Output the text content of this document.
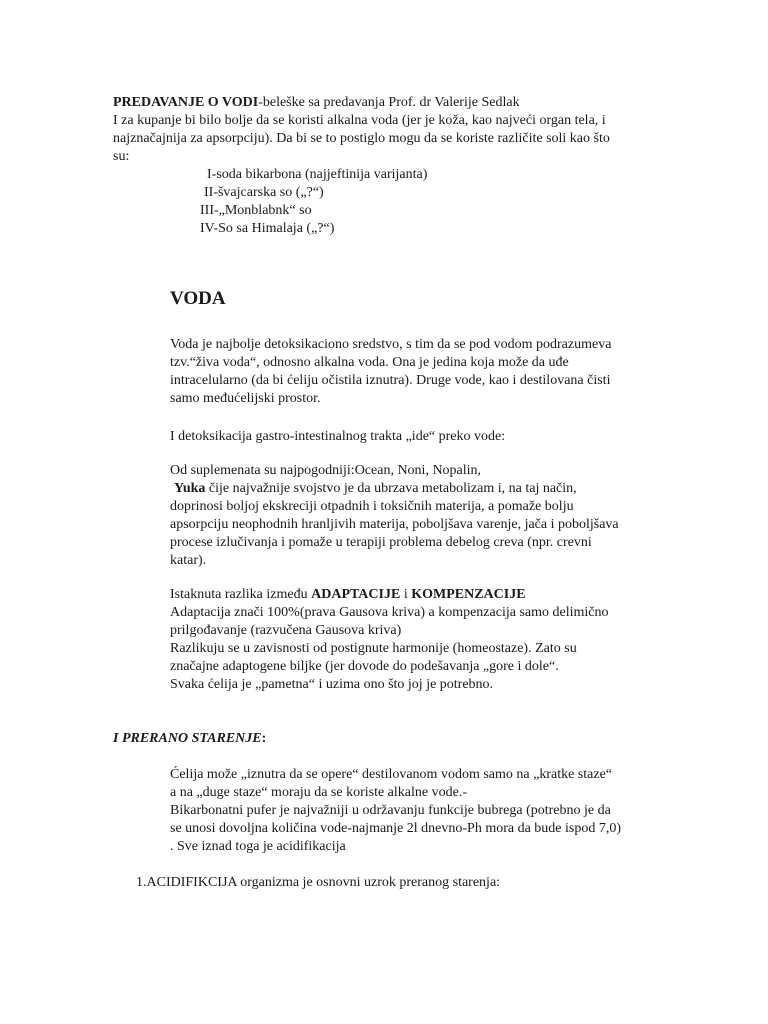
PREDAVANJE O VODI-beleške sa predavanja Prof. dr Valerije Sedlak

I za kupanje bi bilo bolje da se koristi alkalna voda (jer je koža, kao najveći organ tela, i

najznačajnija za apsorpciju). Da bi se to postiglo mogu da se koriste različite soli kao što

su:

I-soda bikarbona (najjeftinija varijanta)

II-švajcarska so („?“)

III-„Monblabnk“ so

IV-So sa Himalaja („?“)

VODA

Voda je najbolje detoksikaciono sredstvo, s tim da se pod vodom podrazumeva

tzv.“živa voda“, odnosno alkalna voda. Ona je jedina koja može da uđe

intracelularno (da bi ćeliju očistila iznutra). Druge vode, kao i destilovana čisti

samo međućelijski prostor.

I detoksikacija gastro-intestinalnog trakta „ide“ preko vode:

Od suplemenata su najpogodniji:Ocean, Noni, Nopalin,

Yuka čije najvažnije svojstvo je da ubrzava metabolizam i, na taj način,

doprinosi boljoj ekskreciji otpadnih i toksičnih materija, a pomaže bolju

apsorpciju neophodnih hranljivih materija, poboljšava varenje, jača i poboljšava

procese izlučivanja i pomaže u terapiji problema debelog creva (npr. crevni

katar).

Istaknuta razlika između ADAPTACIJE i KOMPENZACIJE

Adaptacija znači 100%(prava Gausova kriva) a kompenzacija samo delimično

prilgođavanje (razvučena Gausova kriva)

Razlikuju se u zavisnosti od postignute harmonije (homeostaze). Zato su

značajne adaptogene biljke (jer dovode do podešavanja „gore i dole“.

Svaka ćelija je „pametna“ i uzima ono što joj je potrebno.

I PRERANO STARENJE:

Ćelija može „iznutra da se opere“ destilovanom vodom samo na „kratke staze“

a na „duge staze“ moraju da se koriste alkalne vode.-

Bikarbonatni pufer je najvažniji u održavanju funkcije bubrega (potrebno je da

se unosi dovoljna količina vode-najmanje 2l dnevno-Ph mora da bude ispod 7,0)

. Sve iznad toga je acidifikacija

1.ACIDIFIKCIJA organizma je osnovni uzrok preranog starenja:
